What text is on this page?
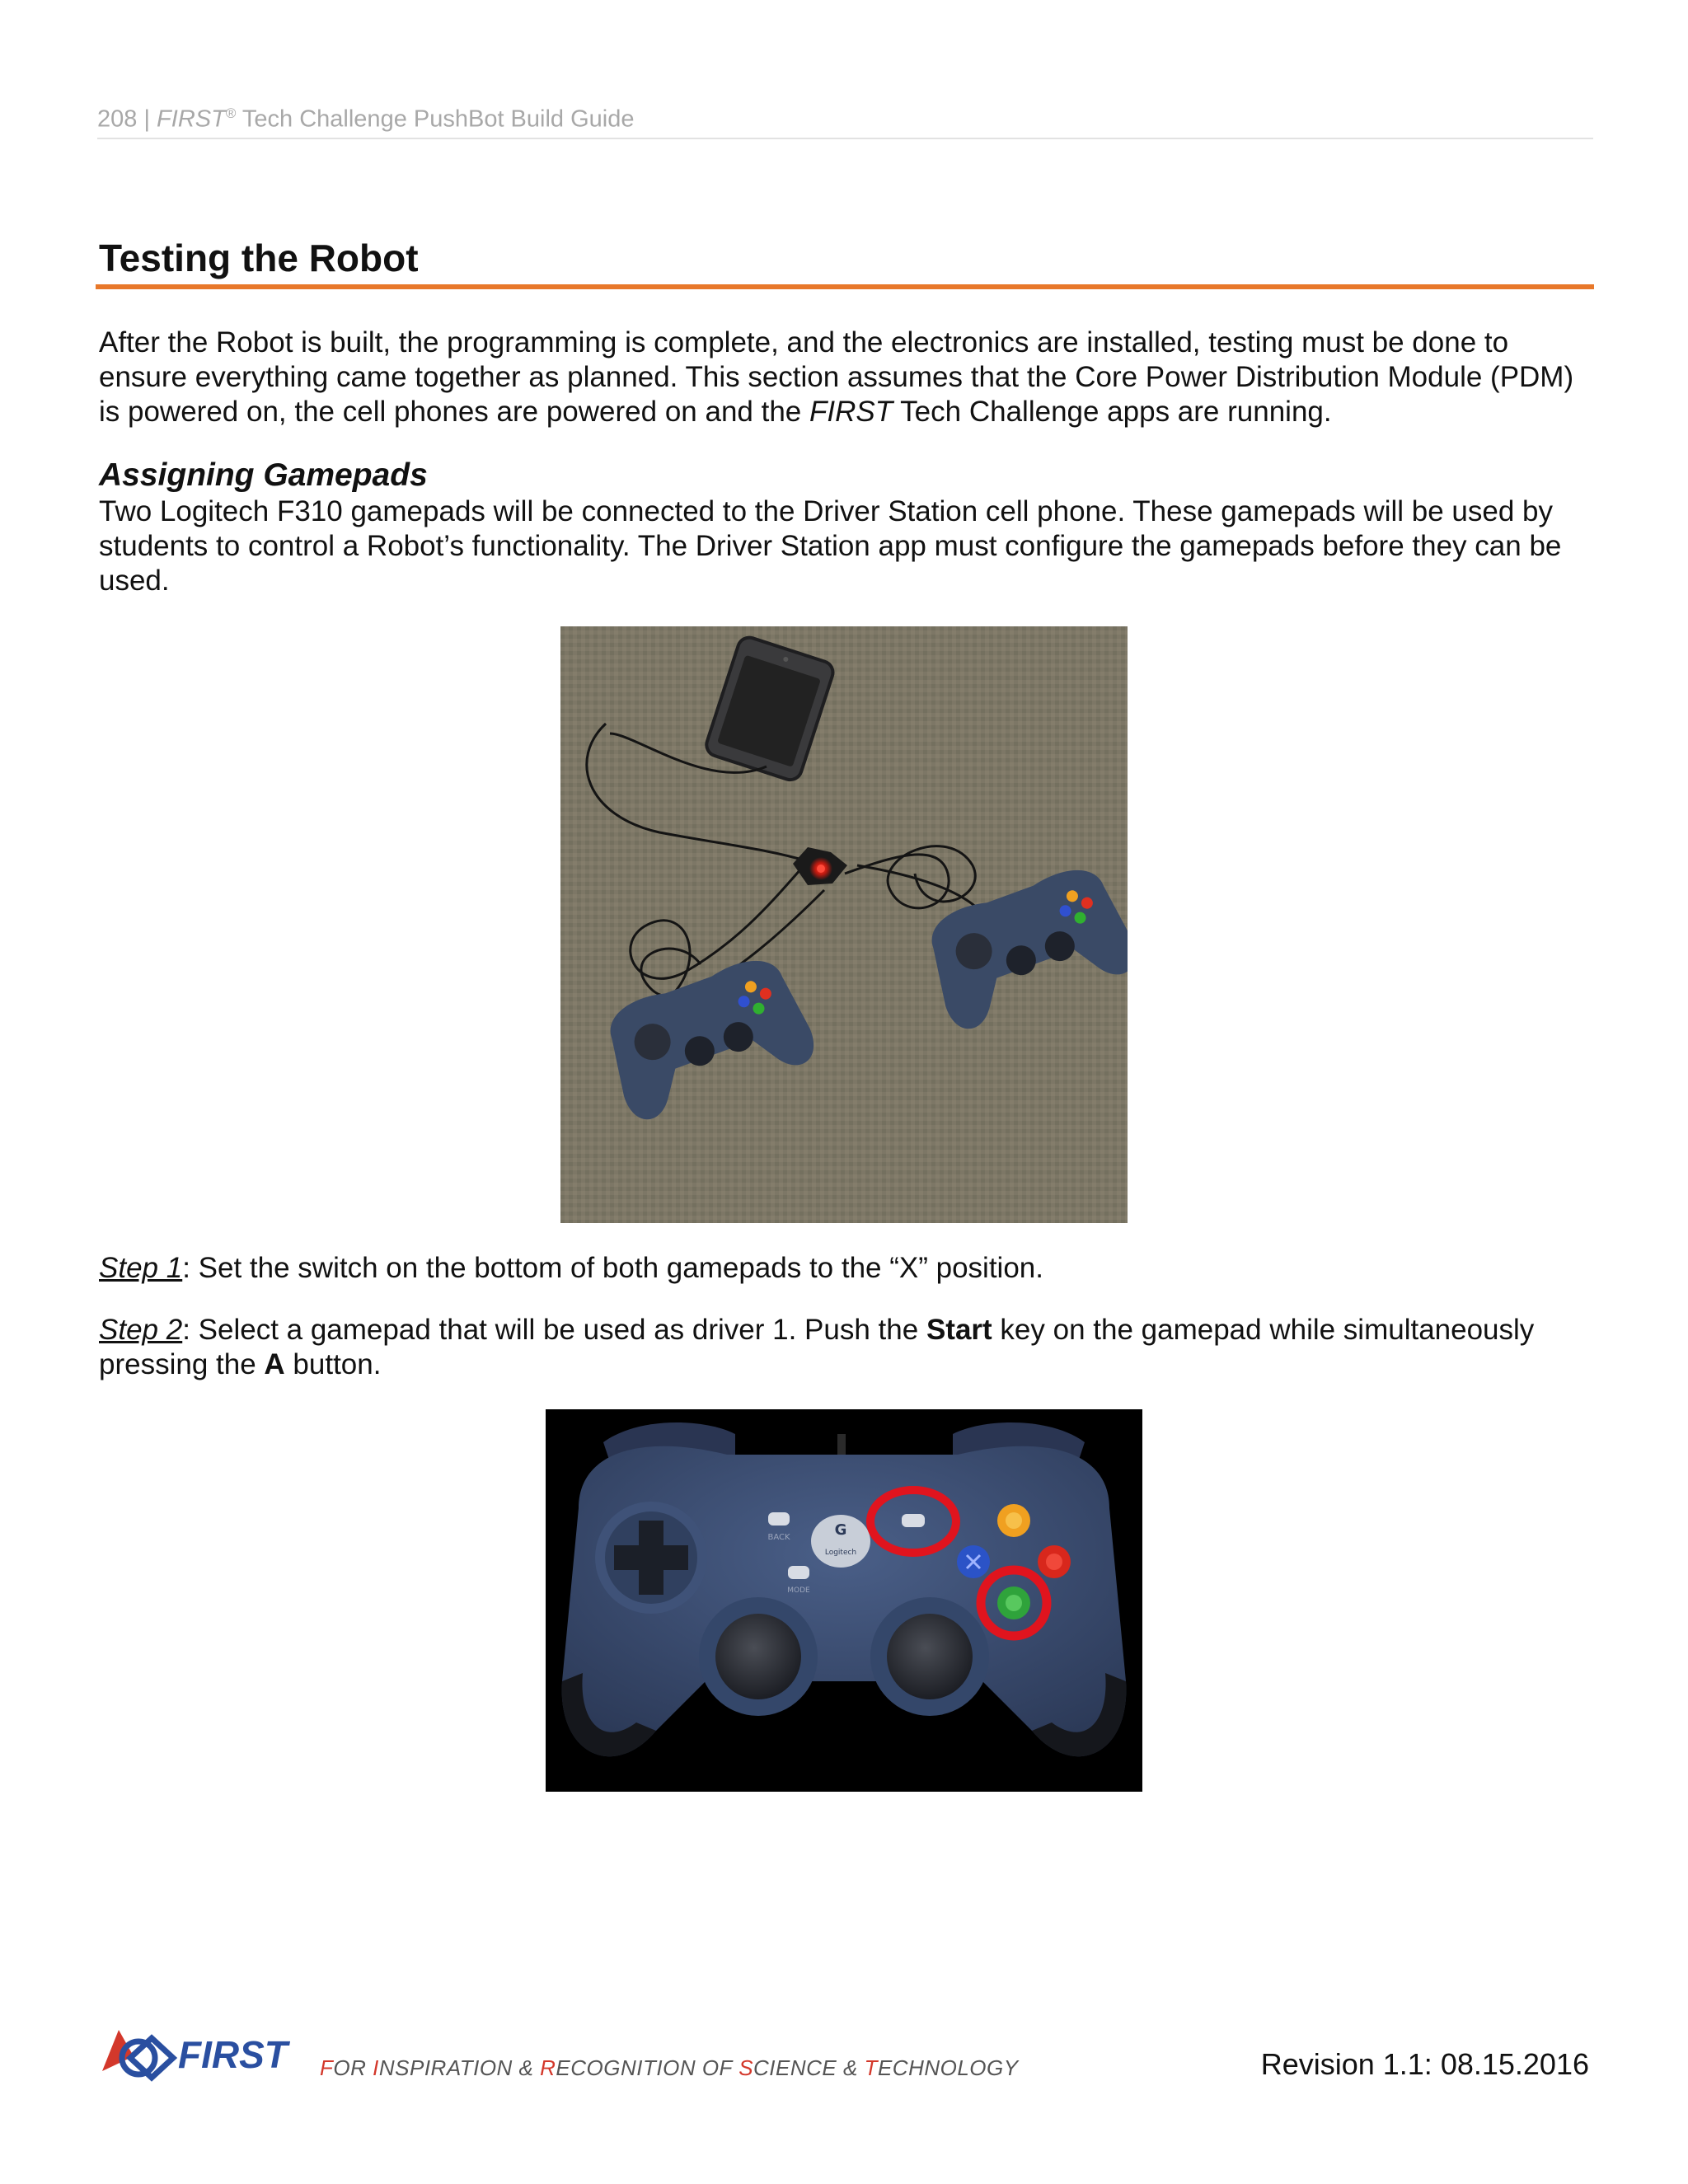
208 | FIRST® Tech Challenge PushBot Build Guide
Testing the Robot

After the Robot is built, the programming is complete, and the electronics are installed, testing must be done to ensure everything came together as planned. This section assumes that the Core Power Distribution Module (PDM) is powered on, the cell phones are powered on and the FIRST Tech Challenge apps are running.

Assigning Gamepads

Two Logitech F310 gamepads will be connected to the Driver Station cell phone. These gamepads will be used by students to control a Robot’s functionality. The Driver Station app must configure the gamepads before they can be used.

Step 1: Set the switch on the bottom of both gamepads to the “X” position.

Step 2: Select a gamepad that will be used as driver 1. Push the Start key on the gamepad while simultaneously pressing the A button.

BACK
MODE
G
Logitech
FIRST FOR INSPIRATION & RECOGNITION OF SCIENCE & TECHNOLOGY	Revision 1.1: 08.15.2016
